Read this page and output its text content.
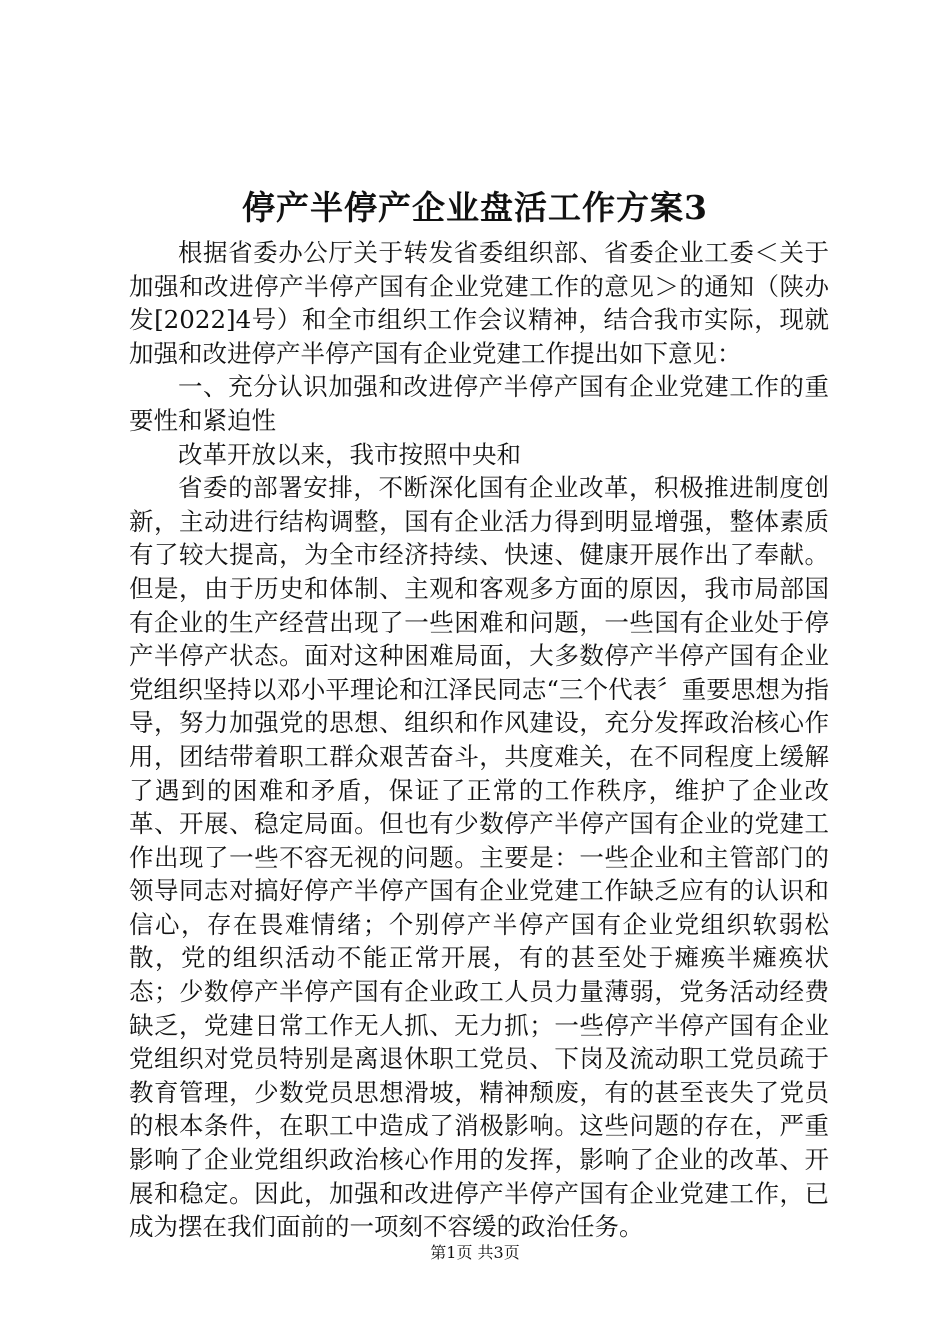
停产半停产企业盘活工作方案3

根据省委办公厅关于转发省委组织部、省委企业工委＜关于加强和改进停产半停产国有企业党建工作的意见＞的通知（陕办发[2022]4号）和全市组织工作会议精神，结合我市实际，现就加强和改进停产半停产国有企业党建工作提出如下意见：

一、充分认识加强和改进停产半停产国有企业党建工作的重要性和紧迫性

改革开放以来，我市按照中央和

省委的部署安排，不断深化国有企业改革，积极推进制度创新，主动进行结构调整，国有企业活力得到明显增强，整体素质有了较大提高，为全市经济持续、快速、健康开展作出了奉献。但是，由于历史和体制、主观和客观多方面的原因，我市局部国有企业的生产经营出现了一些困难和问题，一些国有企业处于停产半停产状态。面对这种困难局面，大多数停产半停产国有企业党组织坚持以邓小平理论和江泽民同志“三个代表〞重要思想为指导，努力加强党的思想、组织和作风建设，充分发挥政治核心作用，团结带着职工群众艰苦奋斗，共度难关，在不同程度上缓解了遇到的困难和矛盾，保证了正常的工作秩序，维护了企业改革、开展、稳定局面。但也有少数停产半停产国有企业的党建工作出现了一些不容无视的问题。主要是：一些企业和主管部门的领导同志对搞好停产半停产国有企业党建工作缺乏应有的认识和信心，存在畏难情绪；个别停产半停产国有企业党组织软弱松散，党的组织活动不能正常开展，有的甚至处于瘫痪半瘫痪状态；少数停产半停产国有企业政工人员力量薄弱，党务活动经费缺乏，党建日常工作无人抓、无力抓；一些停产半停产国有企业党组织对党员特别是离退休职工党员、下岗及流动职工党员疏于教育管理，少数党员思想滑坡，精神颓废，有的甚至丧失了党员的根本条件，在职工中造成了消极影响。这些问题的存在，严重影响了企业党组织政治核心作用的发挥，影响了企业的改革、开展和稳定。因此，加强和改进停产半停产国有企业党建工作，已成为摆在我们面前的一项刻不容缓的政治任务。

第1页 共3页
